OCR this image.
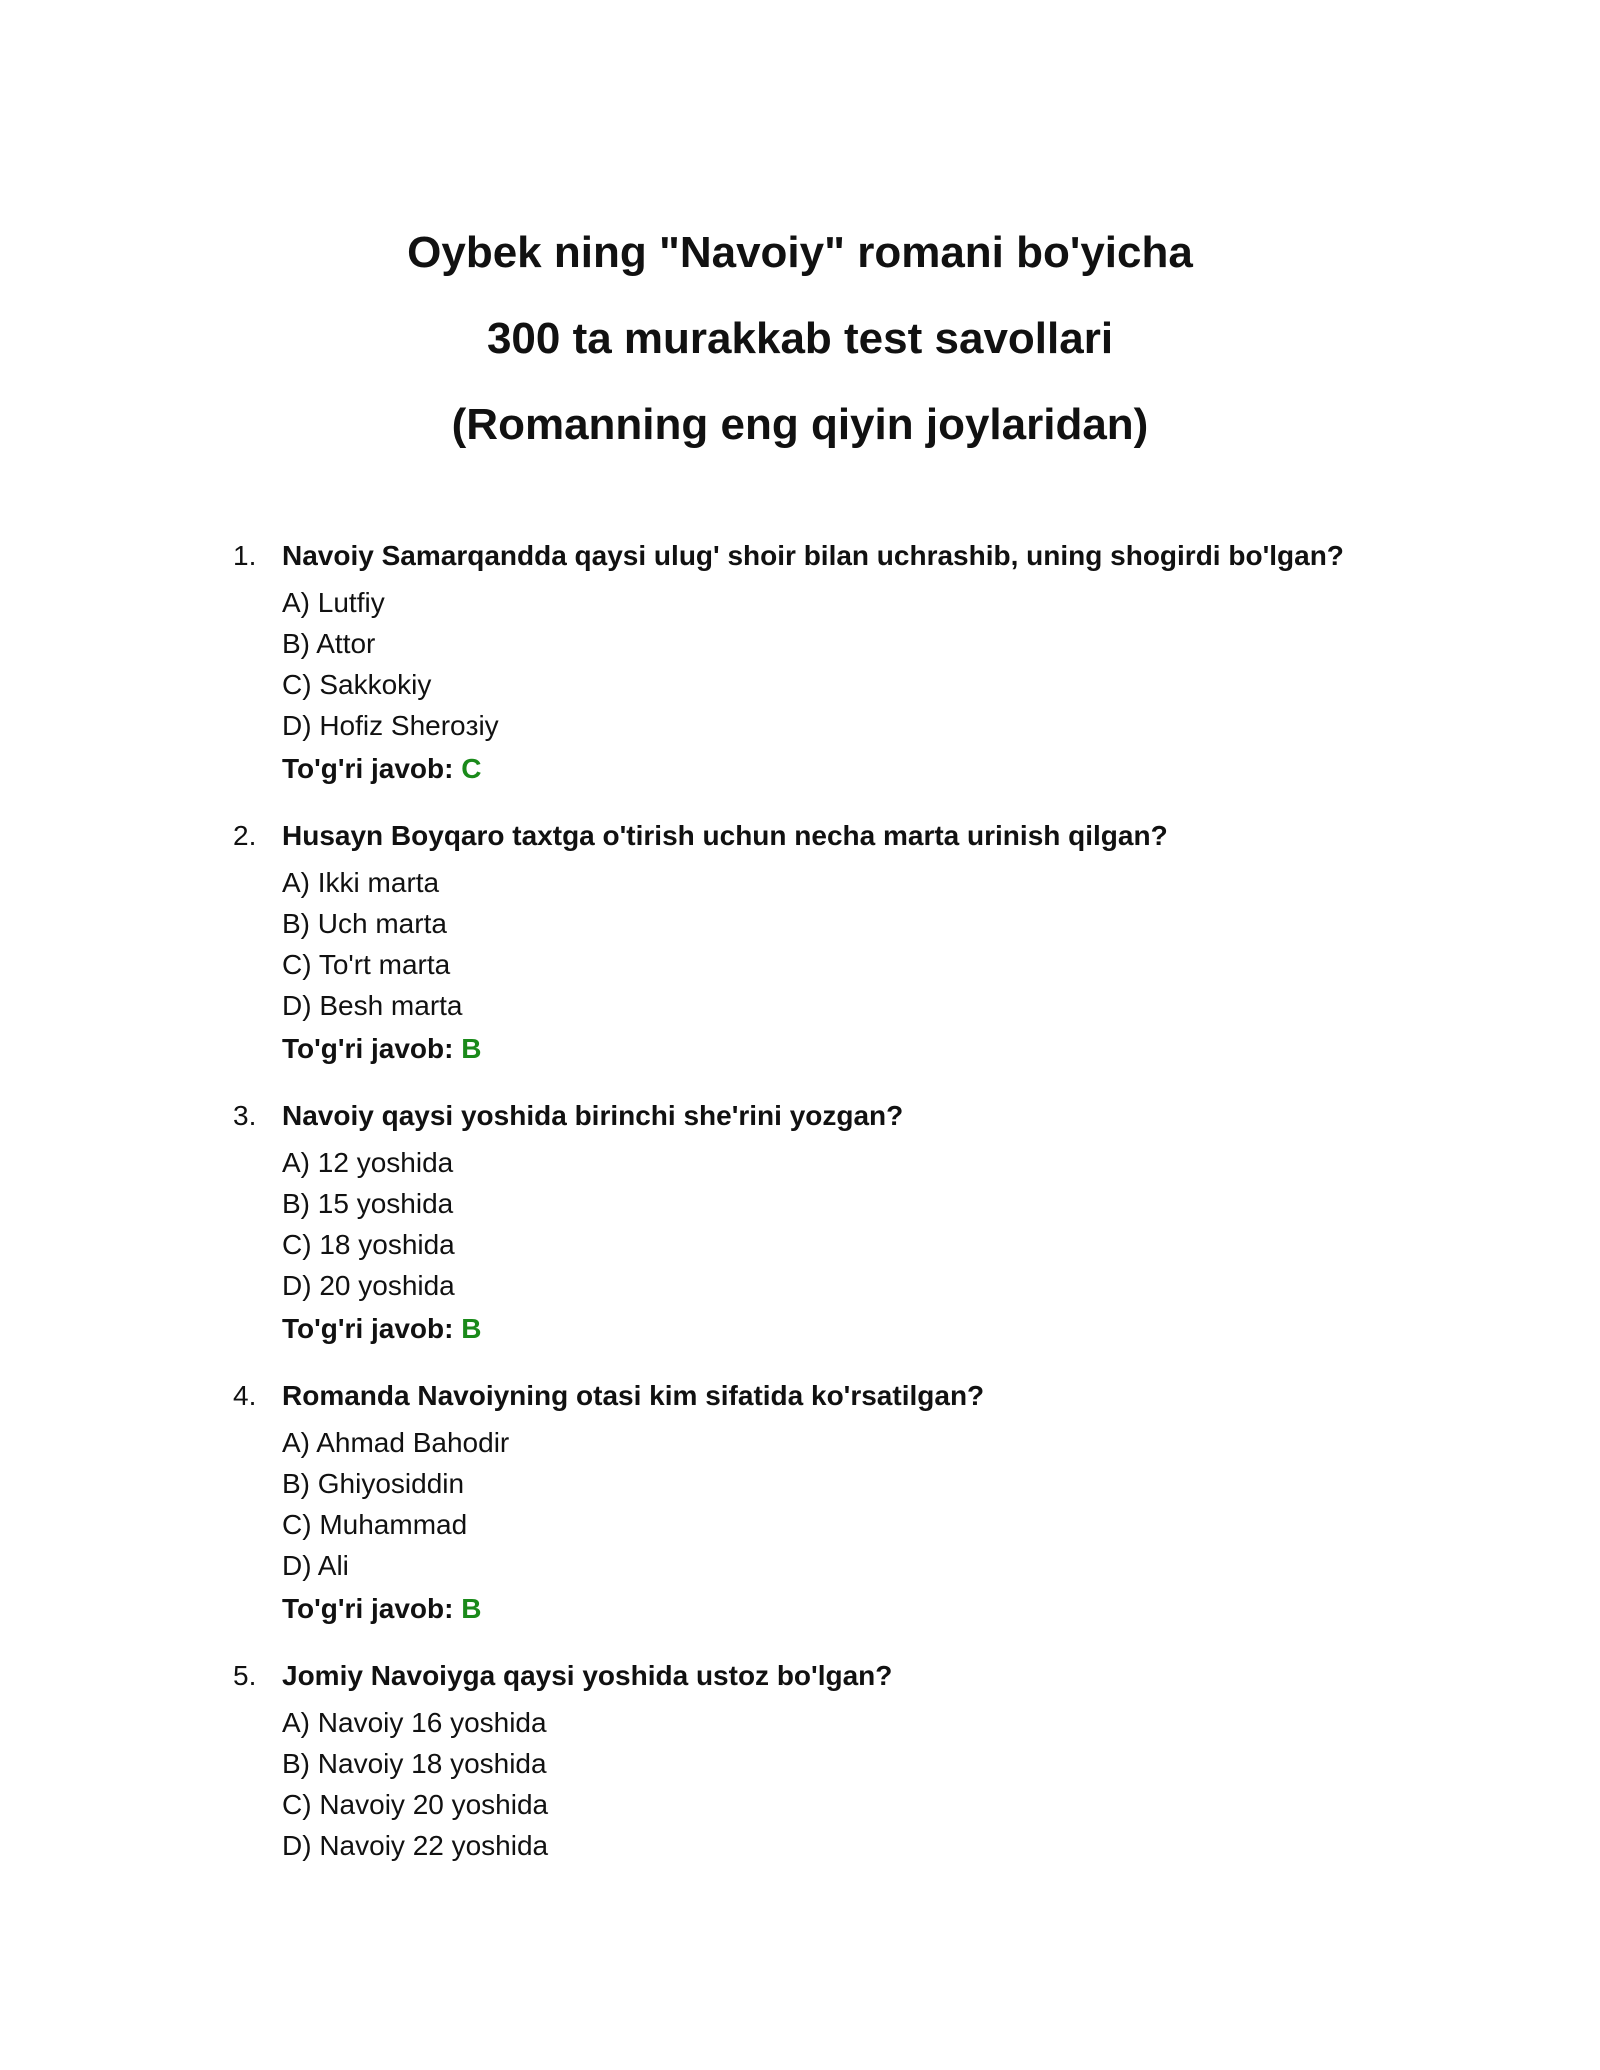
Oybek ning "Navoiy" romani bo'yicha

300 ta murakkab test savollari

(Romanning eng qiyin joylaridan)

1. Navoiy Samarqandda qaysi ulug' shoir bilan uchrashib, uning shogirdi bo'lgan?
A) Lutfiy
B) Attor
C) Sakkokiy
D) Hofiz Sheroзiy
To'g'ri javob: C
2. Husayn Boyqaro taxtga o'tirish uchun necha marta urinish qilgan?
A) Ikki marta
B) Uch marta
C) To'rt marta
D) Besh marta
To'g'ri javob: B
3. Navoiy qaysi yoshida birinchi she'rini yozgan?
A) 12 yoshida
B) 15 yoshida
C) 18 yoshida
D) 20 yoshida
To'g'ri javob: B
4. Romanda Navoiyning otasi kim sifatida ko'rsatilgan?
A) Ahmad Bahodir
B) Ghiyosiddin
C) Muhammad
D) Ali
To'g'ri javob: B
5. Jomiy Navoiyga qaysi yoshida ustoz bo'lgan?
A) Navoiy 16 yoshida
B) Navoiy 18 yoshida
C) Navoiy 20 yoshida
D) Navoiy 22 yoshida
